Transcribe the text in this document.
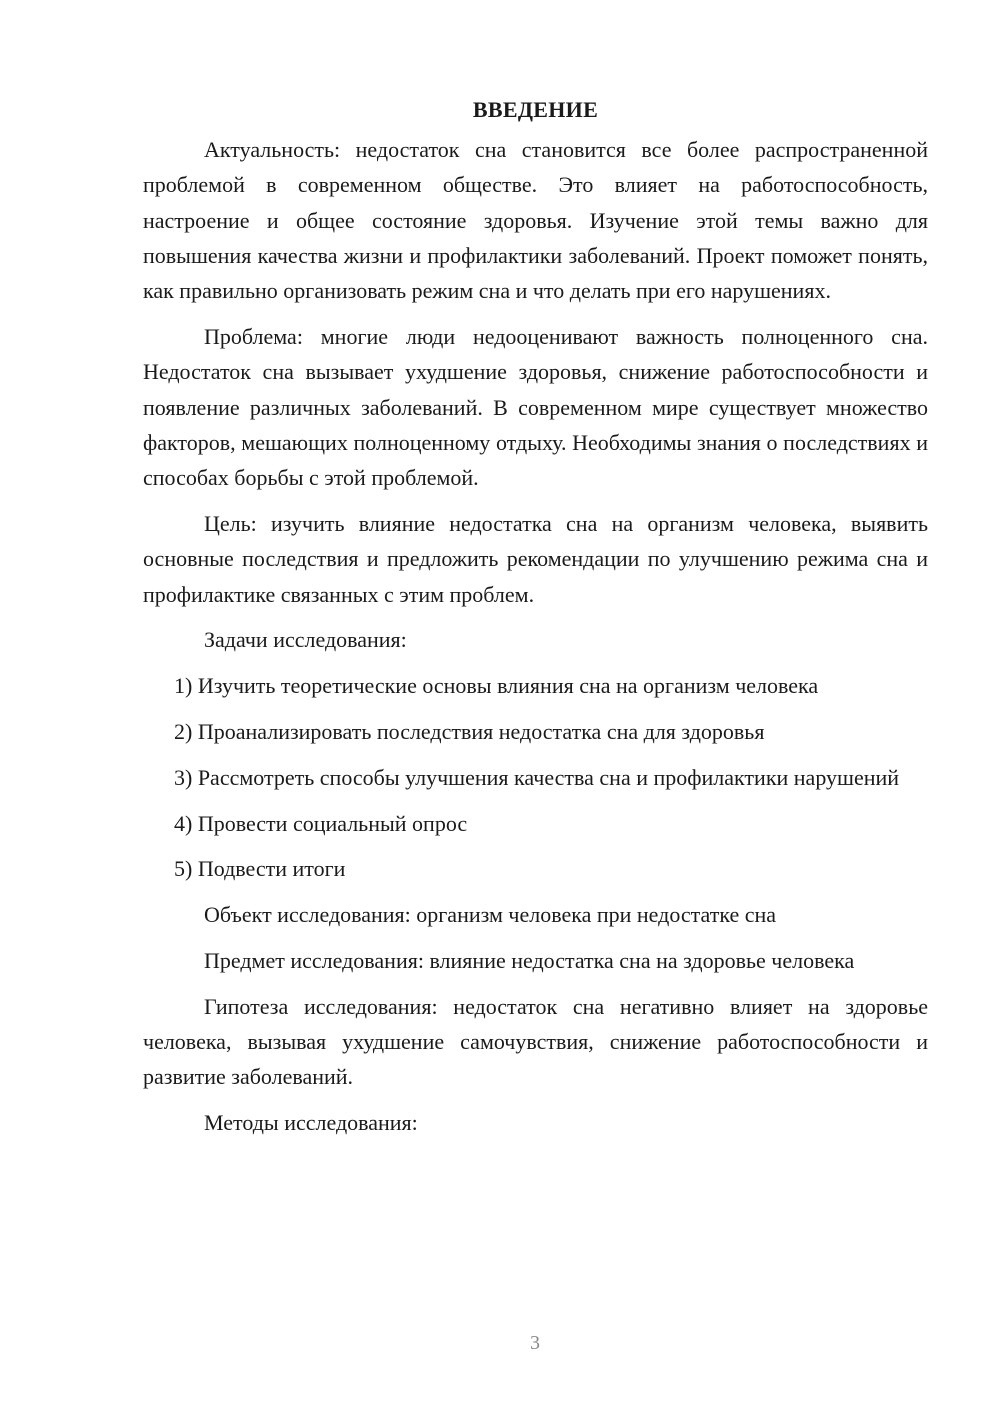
ВВЕДЕНИЕ

Актуальность: недостаток сна становится все более распространенной проблемой в современном обществе. Это влияет на работоспособность, настроение и общее состояние здоровья. Изучение этой темы важно для повышения качества жизни и профилактики заболеваний. Проект поможет понять, как правильно организовать режим сна и что делать при его нарушениях.

Проблема: многие люди недооценивают важность полноценного сна. Недостаток сна вызывает ухудшение здоровья, снижение работоспособности и появление различных заболеваний. В современном мире существует множество факторов, мешающих полноценному отдыху. Необходимы знания о последствиях и способах борьбы с этой проблемой.

Цель: изучить влияние недостатка сна на организм человека, выявить основные последствия и предложить рекомендации по улучшению режима сна и профилактике связанных с этим проблем.

Задачи исследования:

1) Изучить теоретические основы влияния сна на организм человека

2) Проанализировать последствия недостатка сна для здоровья

3) Рассмотреть способы улучшения качества сна и профилактики нарушений

4) Провести социальный опрос

5) Подвести итоги

Объект исследования: организм человека при недостатке сна

Предмет исследования: влияние недостатка сна на здоровье человека

Гипотеза исследования: недостаток сна негативно влияет на здоровье человека, вызывая ухудшение самочувствия, снижение работоспособности и развитие заболеваний.

Методы исследования:

3
